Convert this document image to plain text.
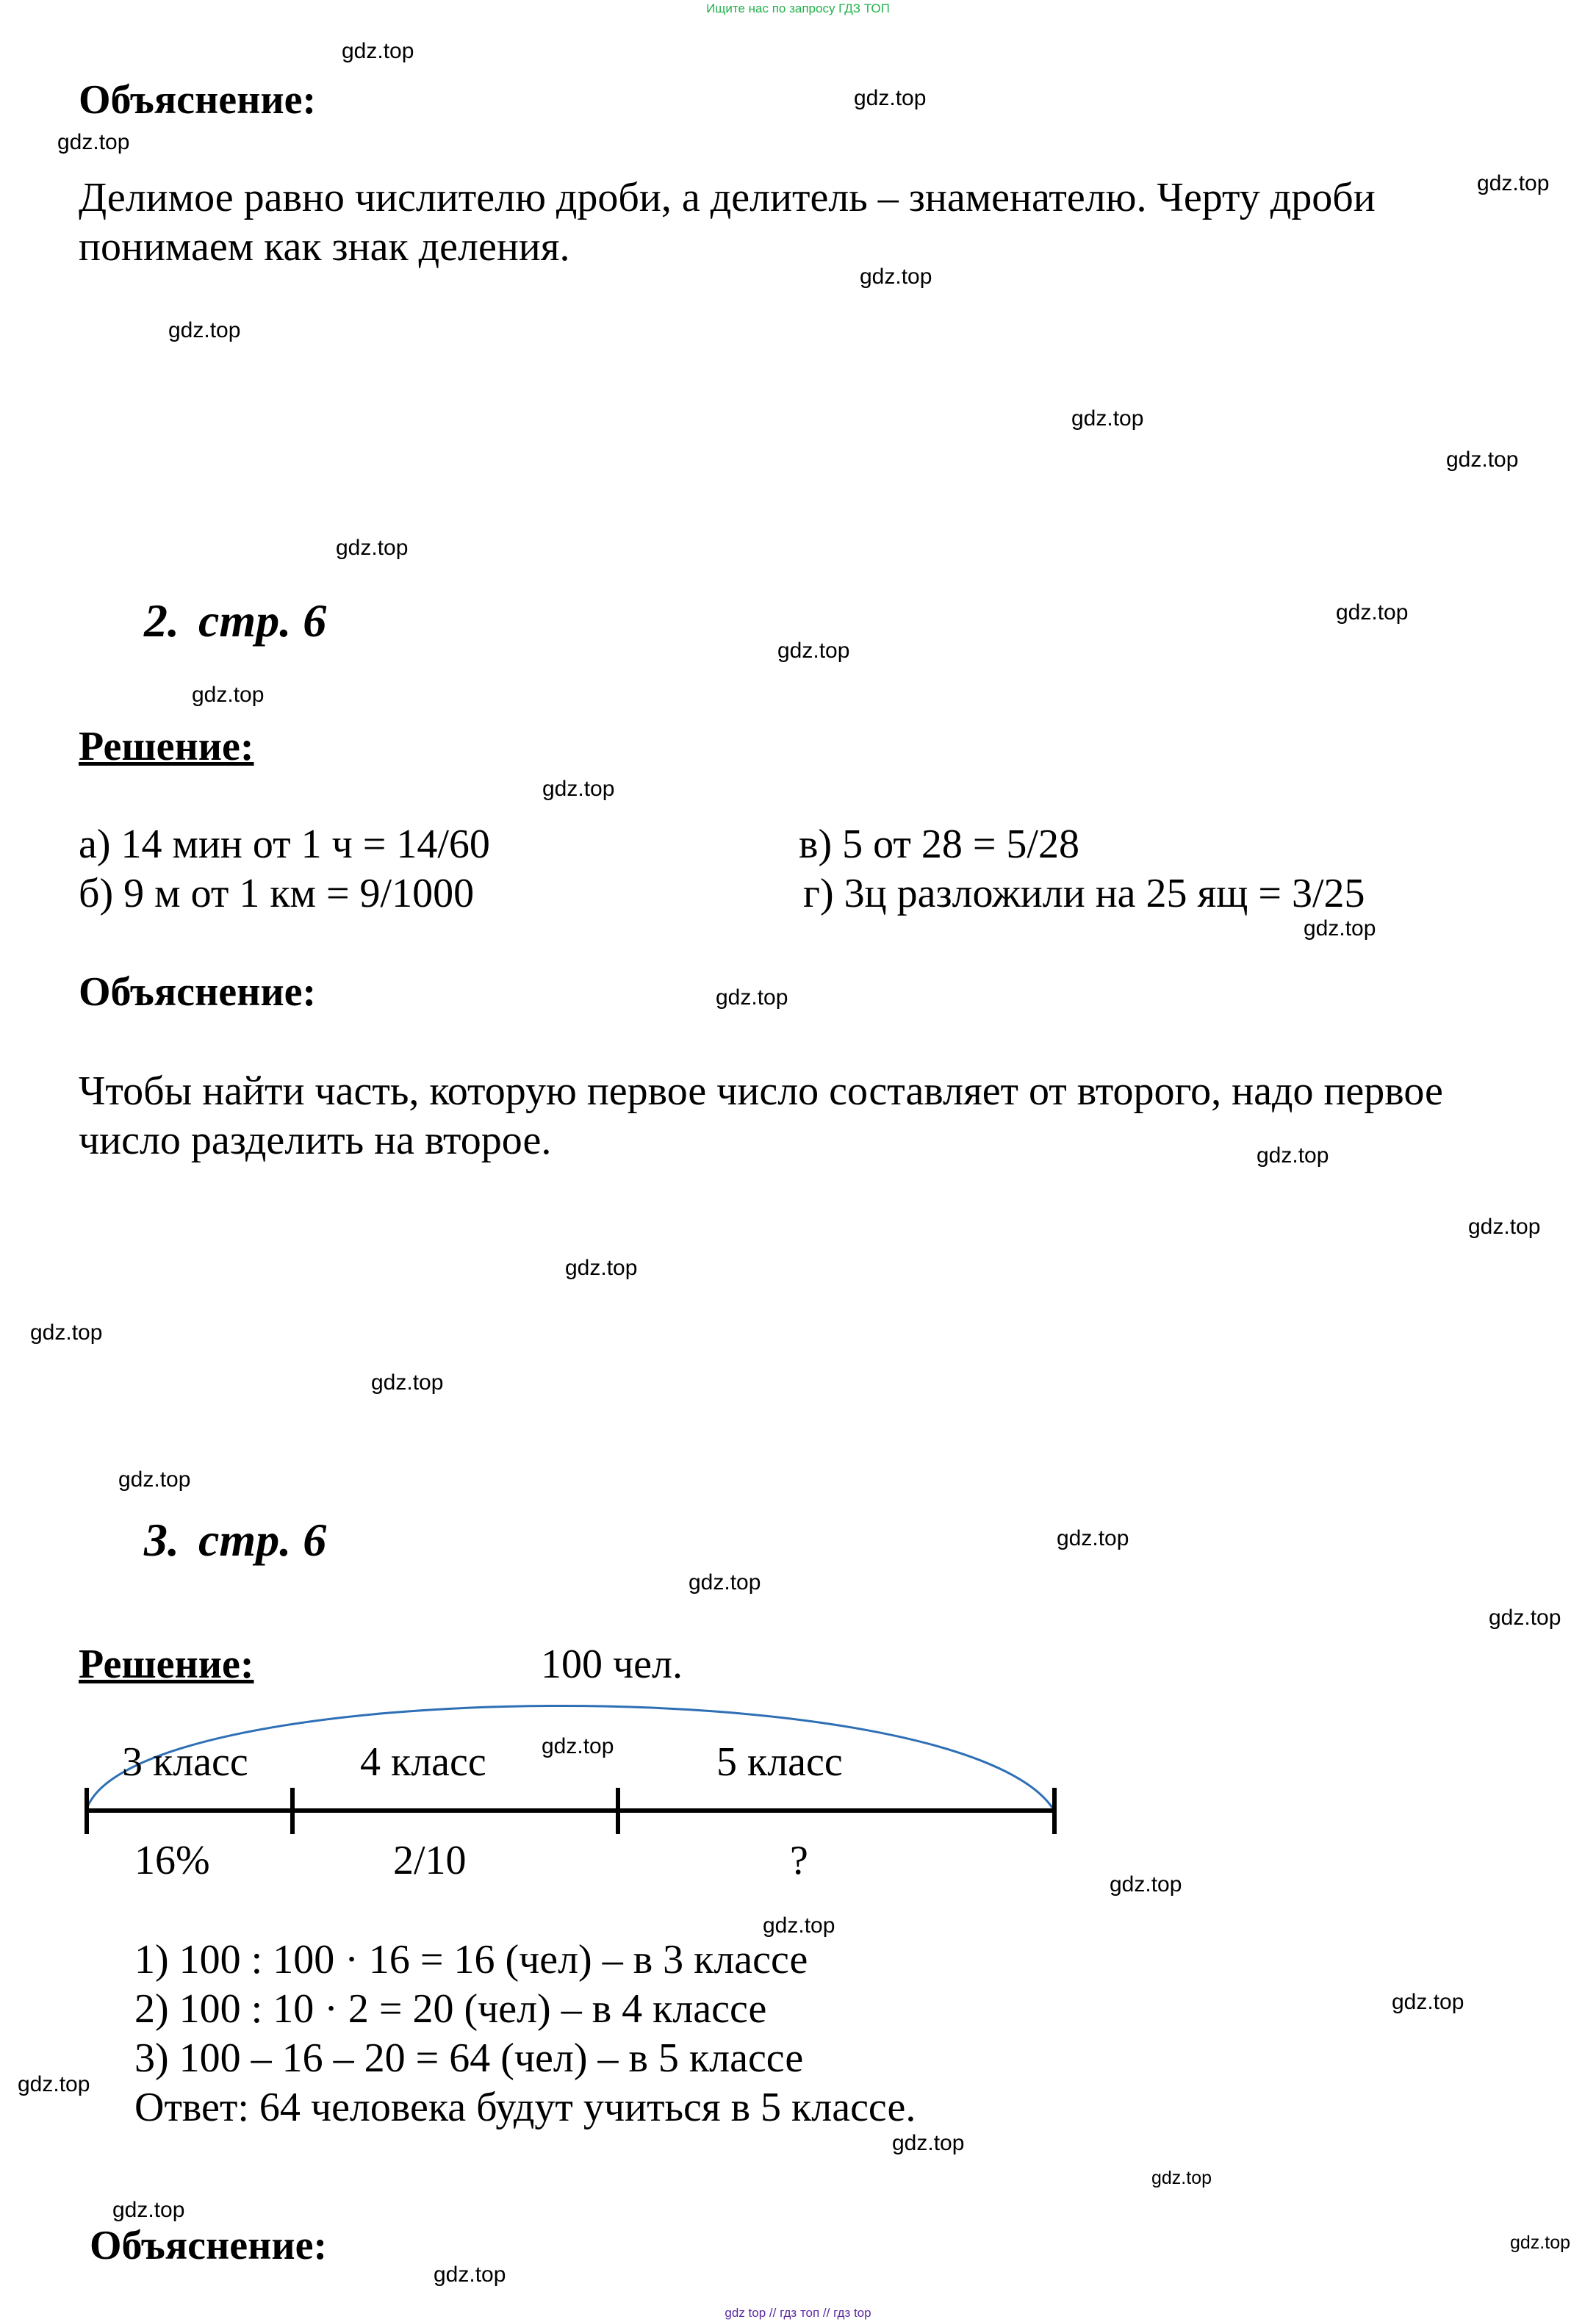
Ищите нас по запросу ГДЗ ТОП
gdz top // гдз топ // гдз top
Объяснение:
Делимое равно числителю дроби, а делитель – знаменателю. Черту дроби
понимаем как знак деления.
2. стр. 6
Решение:
а) 14 мин от 1 ч = 14/60
б) 9 м от 1 км = 9/1000
в) 5 от 28 = 5/28
г) 3ц разложили на 25 ящ = 3/25
Объяснение:
Чтобы найти часть, которую первое число составляет от второго, надо первое
число разделить на второе.
3. стр. 6
Решение:	100 чел.
3 класс	4 класс	5 класс
16%	2/10	?
1) 100 : 100 · 16 = 16 (чел) – в 3 классе
2) 100 : 10 · 2 = 20 (чел) – в 4 классе
3) 100 – 16 – 20 = 64 (чел) – в 5 классе
Ответ: 64 человека будут учиться в 5 классе.
Объяснение:
gdz.top
gdz.top
gdz.top
gdz.top
gdz.top
gdz.top
gdz.top
gdz.top
gdz.top
gdz.top
gdz.top
gdz.top
gdz.top
gdz.top
gdz.top
gdz.top
gdz.top
gdz.top
gdz.top
gdz.top
gdz.top
gdz.top
gdz.top
gdz.top
gdz.top
gdz.top
gdz.top
gdz.top
gdz.top
gdz.top
gdz.top
gdz.top
gdz.top
gdz.top
